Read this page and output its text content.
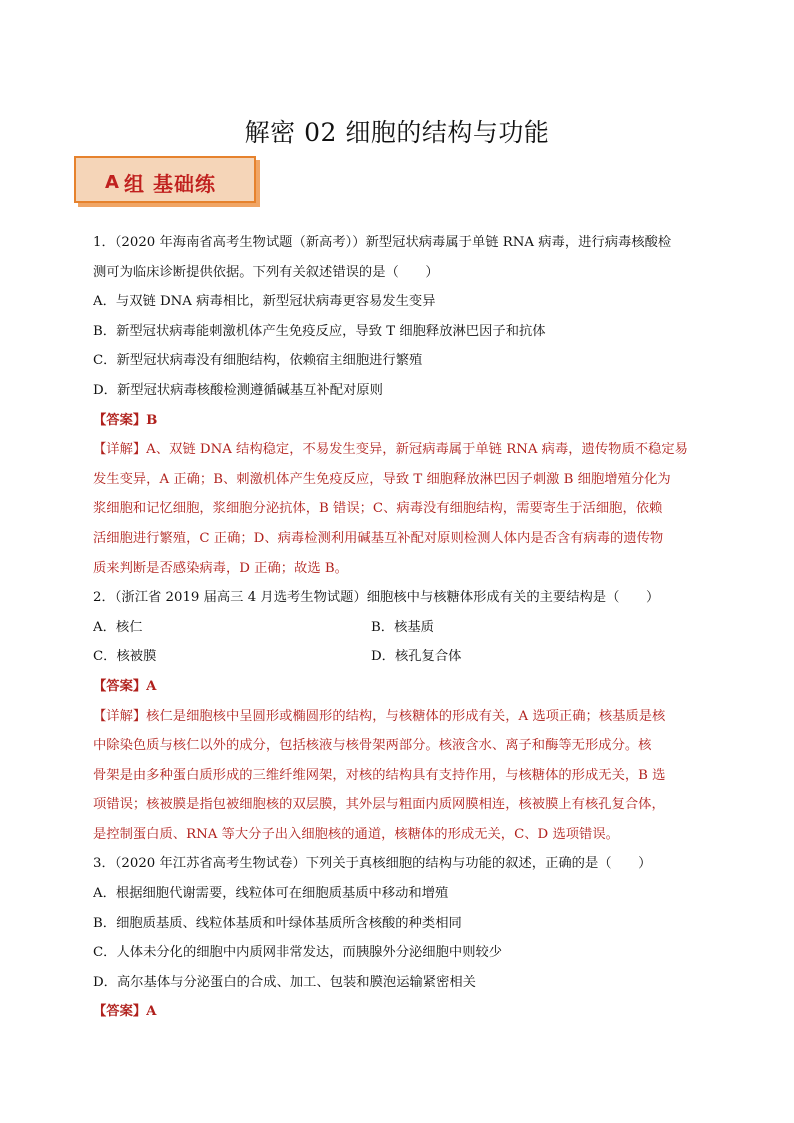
解密 02 细胞的结构与功能
A 组 基础练
1．（2020 年海南省高考生物试题（新高考））新型冠状病毒属于单链 RNA 病毒，进行病毒核酸检
测可为临床诊断提供依据。下列有关叙述错误的是（　　）
A．与双链 DNA 病毒相比，新型冠状病毒更容易发生变异
B．新型冠状病毒能刺激机体产生免疫反应，导致 T 细胞释放淋巴因子和抗体
C．新型冠状病毒没有细胞结构，依赖宿主细胞进行繁殖
D．新型冠状病毒核酸检测遵循碱基互补配对原则
【答案】B
【详解】A、双链 DNA 结构稳定，不易发生变异，新冠病毒属于单链 RNA 病毒，遗传物质不稳定易
发生变异，A 正确；B、刺激机体产生免疫反应，导致 T 细胞释放淋巴因子刺激 B 细胞增殖分化为
浆细胞和记忆细胞，浆细胞分泌抗体，B 错误；C、病毒没有细胞结构，需要寄生于活细胞，依赖
活细胞进行繁殖，C 正确；D、病毒检测利用碱基互补配对原则检测人体内是否含有病毒的遗传物
质来判断是否感染病毒，D 正确；故选 B。
2．（浙江省 2019 届高三 4 月选考生物试题）细胞核中与核糖体形成有关的主要结构是（　　）
A．核仁	B．核基质
C．核被膜	D．核孔复合体
【答案】A
【详解】核仁是细胞核中呈圆形或椭圆形的结构，与核糖体的形成有关，A 选项正确；核基质是核
中除染色质与核仁以外的成分，包括核液与核骨架两部分。核液含水、离子和酶等无形成分。核
骨架是由多种蛋白质形成的三维纤维网架，对核的结构具有支持作用，与核糖体的形成无关，B 选
项错误；核被膜是指包被细胞核的双层膜，其外层与粗面内质网膜相连，核被膜上有核孔复合体，
是控制蛋白质、RNA 等大分子出入细胞核的通道，核糖体的形成无关，C、D 选项错误。
3．（2020 年江苏省高考生物试卷）下列关于真核细胞的结构与功能的叙述，正确的是（　　）
A．根据细胞代谢需要，线粒体可在细胞质基质中移动和增殖
B．细胞质基质、线粒体基质和叶绿体基质所含核酸的种类相同
C．人体未分化的细胞中内质网非常发达，而胰腺外分泌细胞中则较少
D．高尔基体与分泌蛋白的合成、加工、包装和膜泡运输紧密相关
【答案】A
